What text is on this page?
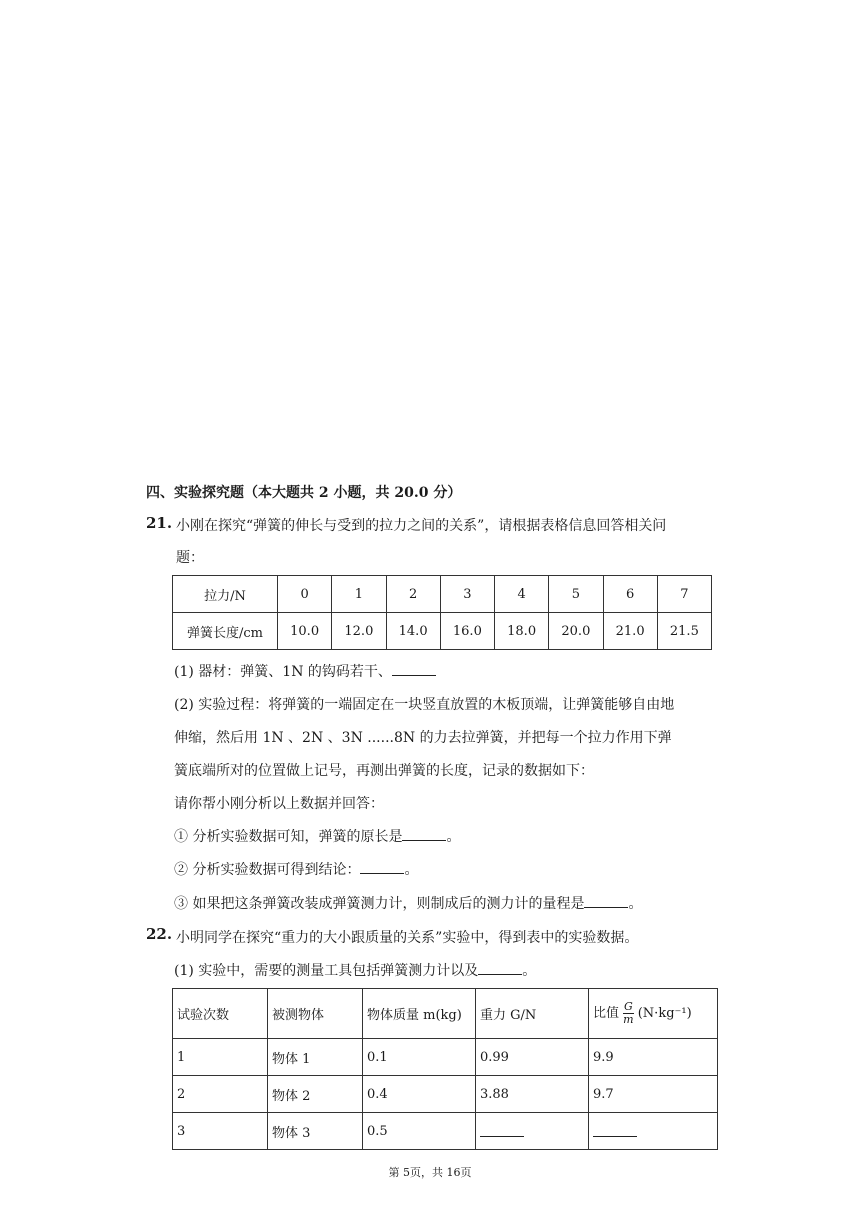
四、实验探究题（本大题共 2 小题，共 20.0 分）
21. 小刚在探究“弹簧的伸长与受到的拉力之间的关系”，请根据表格信息回答相关问
题：
拉力/N	0	1	2	3	4	5	6	7
弹簧长度/cm	10.0	12.0	14.0	16.0	18.0	20.0	21.0	21.5
(1) 器材：弹簧、1N 的钩码若干、
(2) 实验过程：将弹簧的一端固定在一块竖直放置的木板顶端，让弹簧能够自由地
伸缩，然后用 1N 、2N 、3N ......8N 的力去拉弹簧，并把每一个拉力作用下弹
簧底端所对的位置做上记号，再测出弹簧的长度，记录的数据如下：
请你帮小刚分析以上数据并回答：
① 分析实验数据可知，弹簧的原长是	。
② 分析实验数据可得到结论：	。
③ 如果把这条弹簧改装成弹簧测力计，则制成后的测力计的量程是	。
22. 小明同学在探究“重力的大小跟质量的关系”实验中，得到表中的实验数据。
(1) 实验中，需要的测量工具包括弹簧测力计以及	。
试验次数	被测物体	物体质量 m(kg)	重力 G/N	比值 $\frac{G}{m} (N\cdot kg^{-1})$
1	物体 1	0.1	0.99	9.9
2	物体 2	0.4	3.88	9.7
3	物体 3	0.5		
第 5页，共 16页
